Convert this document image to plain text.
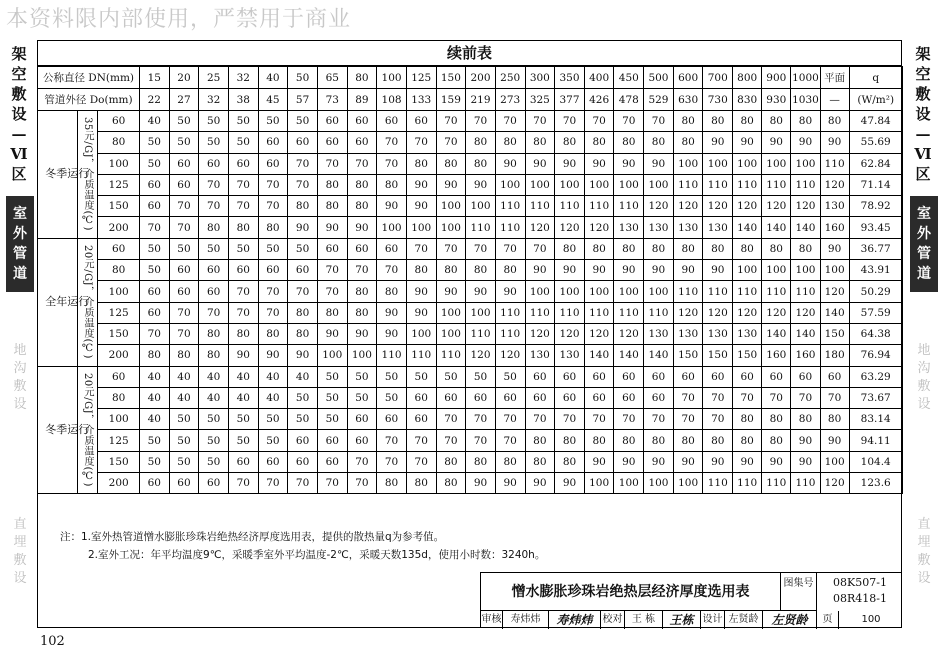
本资料限内部使用，严禁用于商业
架
空
敷
设
—
Ⅵ
区
架
空
敷
设
—
Ⅵ
区
室
外
管
道
室
外
管
道
地
沟
敷
设
地
沟
敷
设
直
埋
敷
设
直
埋
敷
设
续前表
公称直径 DN(mm)			15	20	25	32	40	50	65	80	100	125	150	200	250	300	350	400	450	500	600	700	800	900	1000	平面	q
管道外径 Do(mm)			22	27	32	38	45	57	73	89	108	133	159	219	273	325	377	426	478	529	630	730	830	930	1030	—	(W/m²)

冬季运行	35元/GJ，介质温度(℃)	60	40	50	50	50	50	50	60	60	60	60	70	70	70	70	70	70	70	70	80	80	80	80	80	80	47.84
		80	50	50	50	50	60	60	60	60	70	70	70	80	80	80	80	80	80	80	80	90	90	90	90	90	55.69
		100	50	60	60	60	60	70	70	70	70	80	80	80	90	90	90	90	90	90	100	100	100	100	100	110	62.84
		125	60	60	70	70	70	70	80	80	80	90	90	90	100	100	100	100	100	100	110	110	110	110	110	120	71.14
		150	60	70	70	70	70	80	80	80	90	90	100	100	110	110	110	110	110	120	120	120	120	120	120	130	78.92
		200	70	70	80	80	80	90	90	90	100	100	100	110	110	120	120	120	130	130	130	130	140	140	140	160	93.45

全年运行	20元/GJ，介质温度(℃)	60	50	50	50	50	50	50	60	60	60	70	70	70	70	70	80	80	80	80	80	80	80	80	80	90	36.77
		80	50	60	60	60	60	60	70	70	70	80	80	80	80	90	90	90	90	90	90	90	100	100	100	100	43.91
		100	60	60	60	70	70	70	70	80	80	90	90	90	90	100	100	100	100	100	110	110	110	110	110	120	50.29
		125	60	70	70	70	70	80	80	80	90	90	100	100	110	110	110	110	110	110	120	120	120	120	120	140	57.59
		150	70	70	80	80	80	80	90	90	90	100	100	110	110	120	120	120	120	130	130	130	130	140	140	150	64.38
		200	80	80	80	90	90	90	100	100	110	110	110	120	120	130	130	140	140	140	150	150	150	160	160	180	76.94

冬季运行	20元/GJ，介质温度(℃)	60	40	40	40	40	40	40	50	50	50	50	50	50	50	60	60	60	60	60	60	60	60	60	60	60	63.29
		80	40	40	40	40	40	50	50	50	50	60	60	60	60	60	60	60	60	60	70	70	70	70	70	70	73.67
		100	40	50	50	50	50	50	50	60	60	60	70	70	70	70	70	70	70	70	70	70	80	80	80	80	83.14
		125	50	50	50	50	50	60	60	60	70	70	70	70	70	80	80	80	80	80	80	80	80	80	90	90	94.11
		150	50	50	50	60	60	60	60	70	70	70	80	80	80	80	80	90	90	90	90	90	90	90	90	100	104.4
		200	60	60	60	70	70	70	70	70	80	80	80	90	90	90	90	100	100	100	100	110	110	110	110	120	123.6
注：1.室外热管道憎水膨胀珍珠岩绝热经济厚度选用表，提供的散热量q为参考值。
2.室外工况：年平均温度9℃，采暖季室外平均温度-2℃，采暖天数135d，使用小时数：3240h。
憎水膨胀珍珠岩绝热层经济厚度选用表
图集号	08K507-1
08R418-1
审核 寿炜炜	寿炜炜	校对 王 栋	王栋 设计 左贤龄	左贤龄	页	100
102
